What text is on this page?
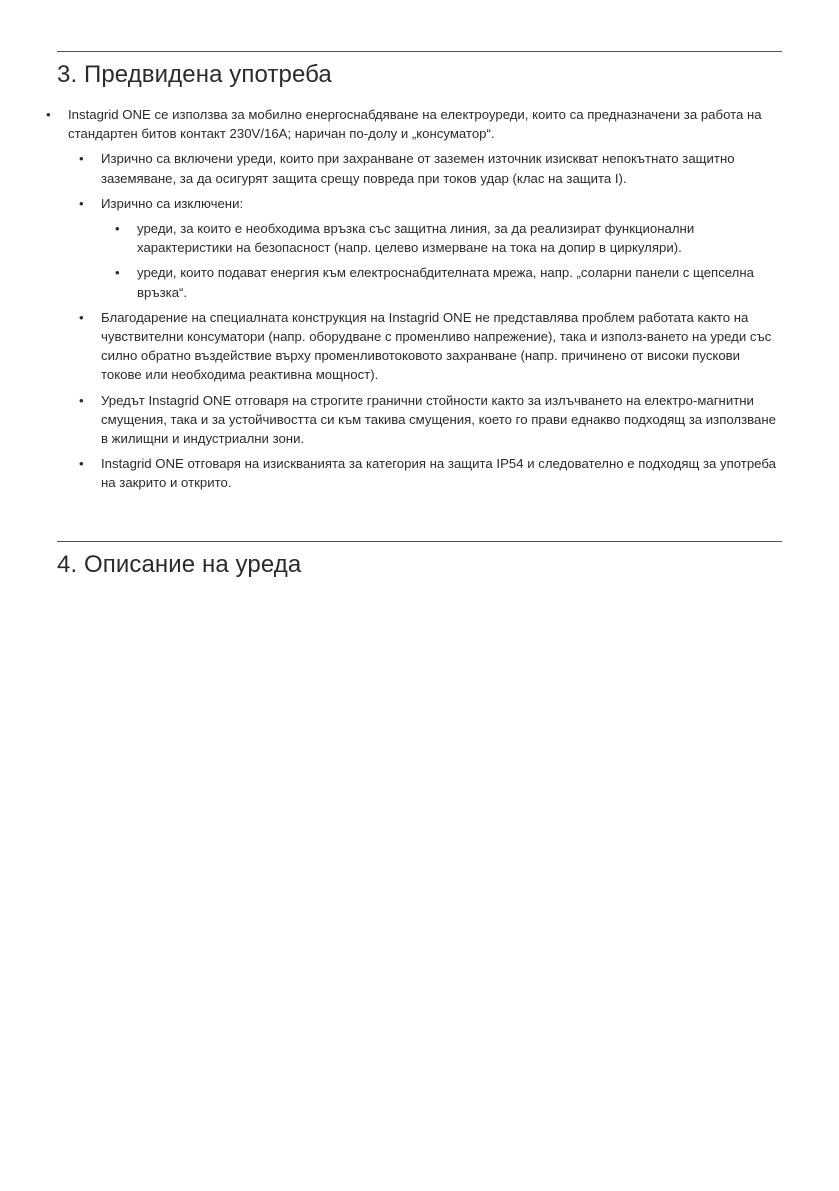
3. Предвидена употреба
• Instagrid ONE се използва за мобилно енергоснабдяване на електроуреди, които са предназначени за работа на стандартен битов контакт 230V/16A; наричан по-долу и „консуматор“.
• Изрично са включени уреди, които при захранване от заземен източник изискват непокътнато защитно заземяване, за да осигурят защита срещу повреда при токов удар (клас на защита I).
• Изрично са изключени:
• уреди, за които е необходима връзка със защитна линия, за да реализират функционални характеристики на безопасност (напр. целево измерване на тока на допир в циркуляри).
• уреди, които подават енергия към електроснабдителната мрежа, напр. „соларни панели с щепселна връзка“.
• Благодарение на специалната конструкция на Instagrid ONE не представлява проблем работата както на чувствителни консуматори (напр. оборудване с променливо напрежение), така и използ-ването на уреди със силно обратно въздействие върху променливотоковото захранване (напр. причинено от високи пускови токове или необходима реактивна мощност).
• Уредът Instagrid ONE отговаря на строгите гранични стойности както за излъчването на електро-магнитни смущения, така и за устойчивостта си към такива смущения, което го прави еднакво подходящ за използване в жилищни и индустриални зони.
• Instagrid ONE отговаря на изискванията за категория на защита IP54 и следователно е подходящ за употреба на закрито и открито.
4. Описание на уреда
